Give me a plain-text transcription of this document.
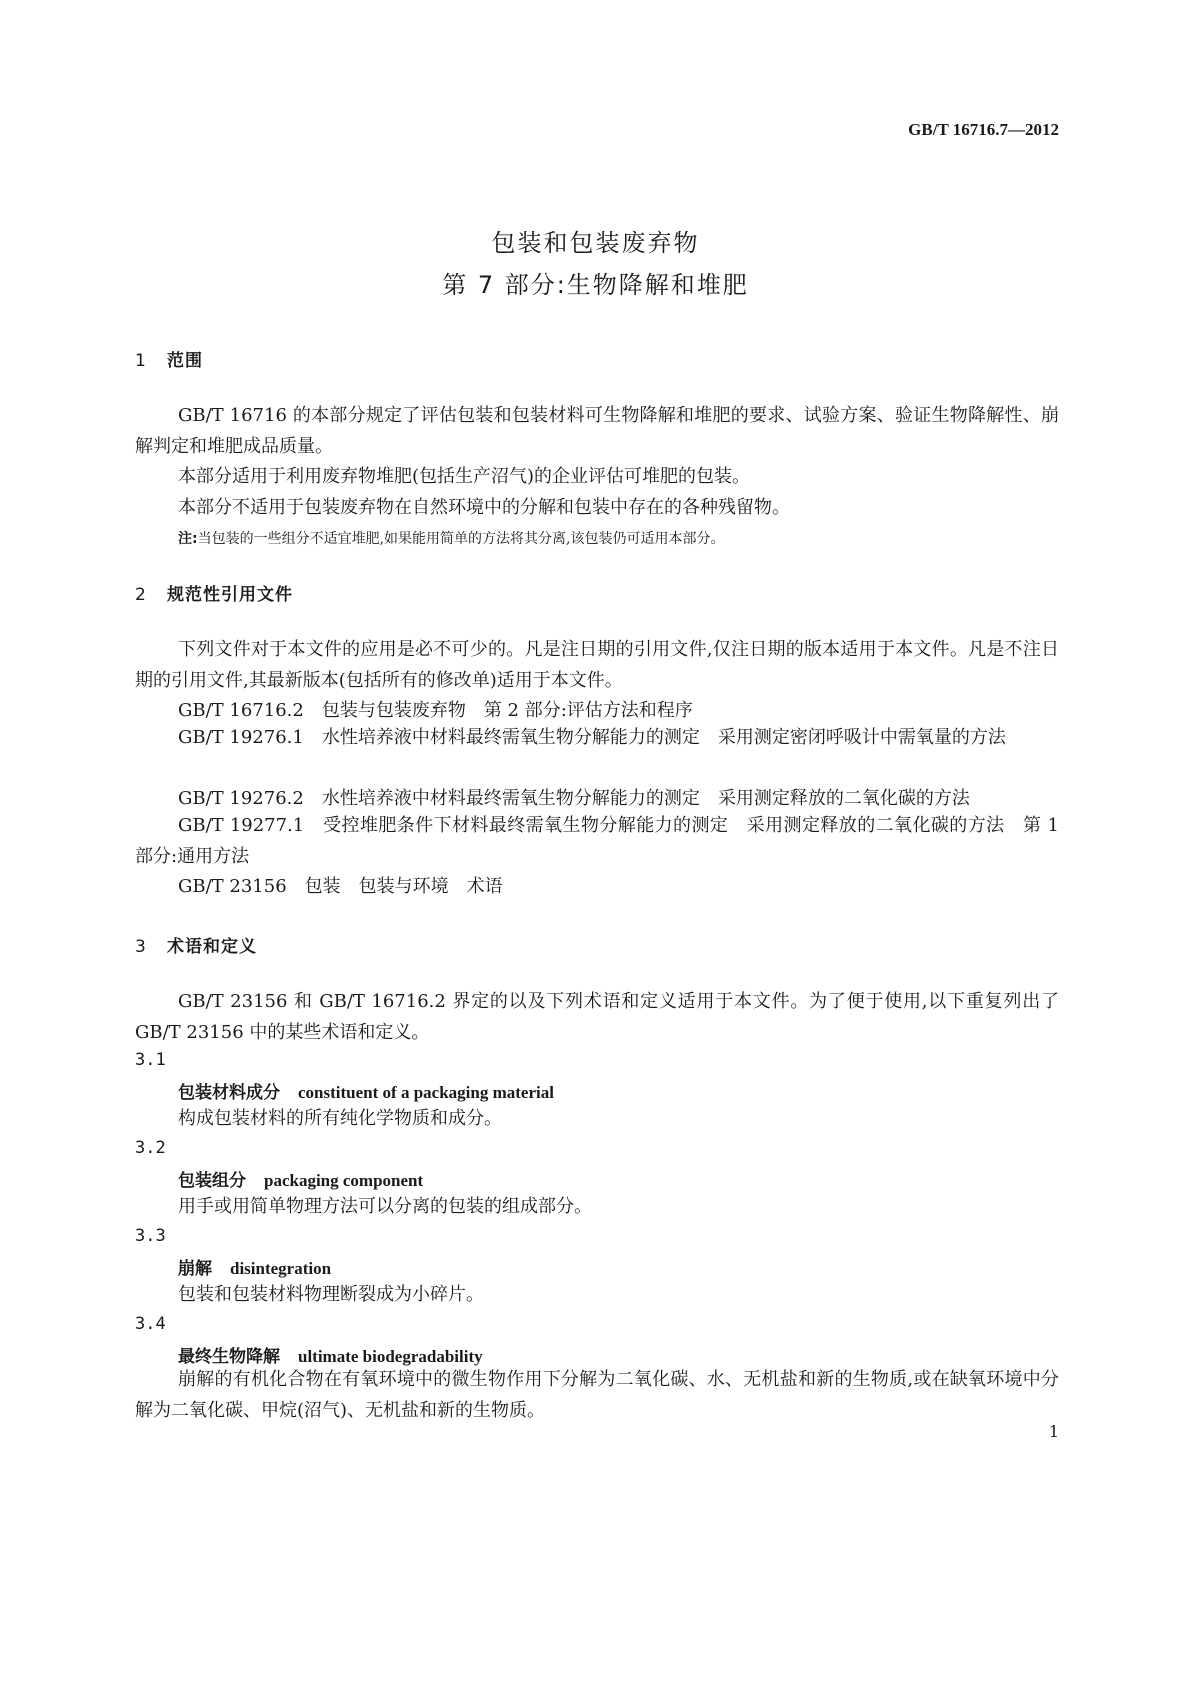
GB/T 16716.7—2012
包装和包装废弃物
第 7 部分:生物降解和堆肥
1 范围
GB/T 16716 的本部分规定了评估包装和包装材料可生物降解和堆肥的要求、试验方案、验证生物降解性、崩解判定和堆肥成品质量。
本部分适用于利用废弃物堆肥(包括生产沼气)的企业评估可堆肥的包装。
本部分不适用于包装废弃物在自然环境中的分解和包装中存在的各种残留物。
注:当包装的一些组分不适宜堆肥,如果能用简单的方法将其分离,该包装仍可适用本部分。
2 规范性引用文件
下列文件对于本文件的应用是必不可少的。凡是注日期的引用文件,仅注日期的版本适用于本文件。凡是不注日期的引用文件,其最新版本(包括所有的修改单)适用于本文件。
GB/T 16716.2　包装与包装废弃物　第 2 部分:评估方法和程序
GB/T 19276.1　水性培养液中材料最终需氧生物分解能力的测定　采用测定密闭呼吸计中需氧量的方法
GB/T 19276.2　水性培养液中材料最终需氧生物分解能力的测定　采用测定释放的二氧化碳的方法
GB/T 19277.1　受控堆肥条件下材料最终需氧生物分解能力的测定　采用测定释放的二氧化碳的方法　第 1 部分:通用方法
GB/T 23156　包装　包装与环境　术语
3 术语和定义
GB/T 23156 和 GB/T 16716.2 界定的以及下列术语和定义适用于本文件。为了便于使用,以下重复列出了 GB/T 23156 中的某些术语和定义。
3.1
包装材料成分 constituent of a packaging material
构成包装材料的所有纯化学物质和成分。
3.2
包装组分 packaging component
用手或用简单物理方法可以分离的包装的组成部分。
3.3
崩解 disintegration
包装和包装材料物理断裂成为小碎片。
3.4
最终生物降解 ultimate biodegradability
崩解的有机化合物在有氧环境中的微生物作用下分解为二氧化碳、水、无机盐和新的生物质,或在缺氧环境中分解为二氧化碳、甲烷(沼气)、无机盐和新的生物质。
1
